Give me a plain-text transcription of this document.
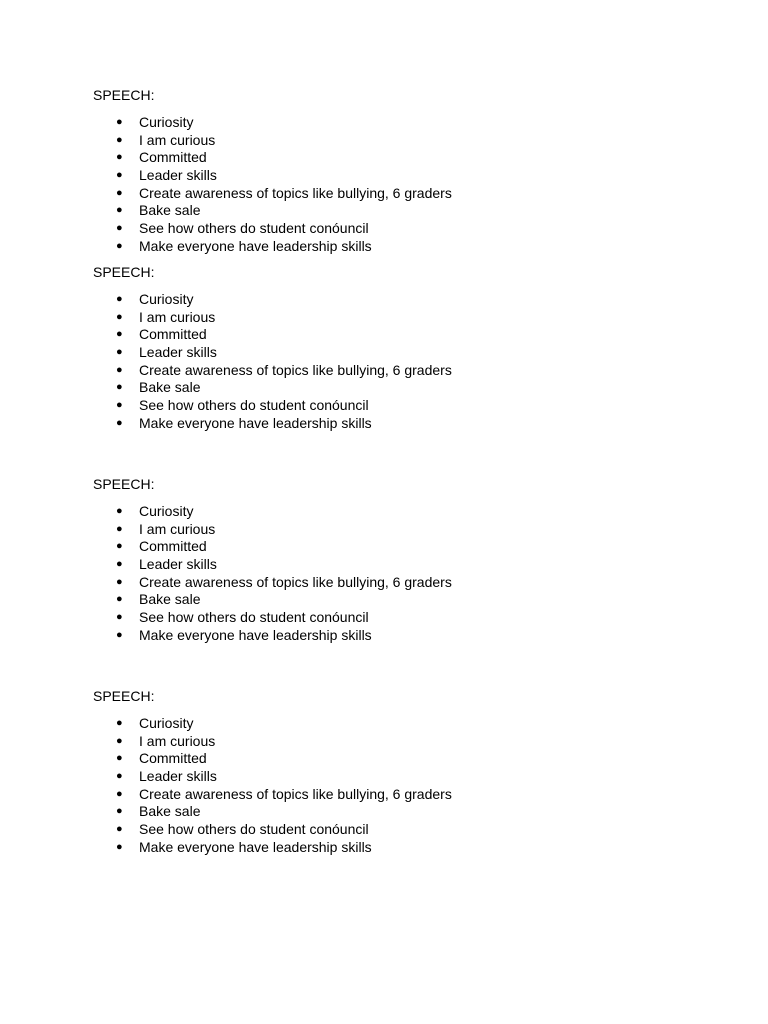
SPEECH:
● Curiosity
● I am curious
● Committed
● Leader skills
● Create awareness of topics like bullying, 6 graders
● Bake sale
● See how others do student conóuncil
● Make everyone have leadership skills
SPEECH:
● Curiosity
● I am curious
● Committed
● Leader skills
● Create awareness of topics like bullying, 6 graders
● Bake sale
● See how others do student conóuncil
● Make everyone have leadership skills
SPEECH:
● Curiosity
● I am curious
● Committed
● Leader skills
● Create awareness of topics like bullying, 6 graders
● Bake sale
● See how others do student conóuncil
● Make everyone have leadership skills
SPEECH:
● Curiosity
● I am curious
● Committed
● Leader skills
● Create awareness of topics like bullying, 6 graders
● Bake sale
● See how others do student conóuncil
● Make everyone have leadership skills
